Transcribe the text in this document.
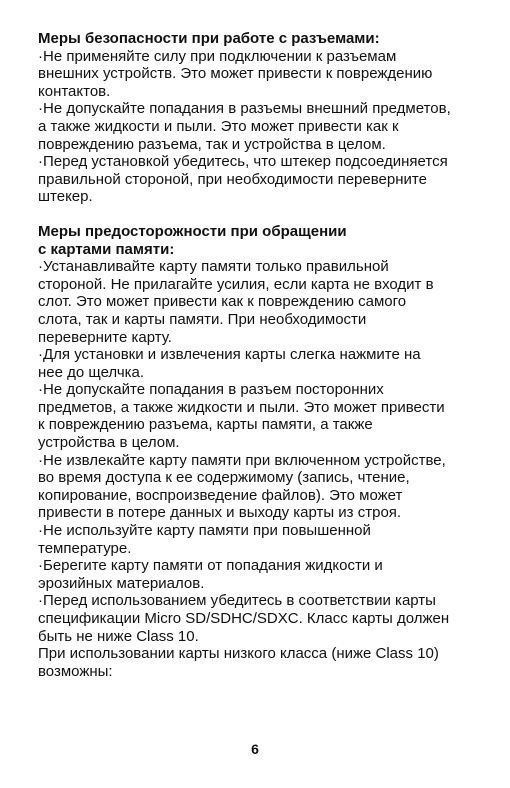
Меры безопасности при работе с разъемами:

·Не применяйте силу при подключении к разъемам

внешних устройств. Это может привести к повреждению

контактов.

·Не допускайте попадания в разъемы внешний предметов,

а также жидкости и пыли. Это может привести как к

повреждению разъема, так и устройства в целом.

·Перед установкой убедитесь, что штекер подсоединяется

правильной стороной, при необходимости переверните

штекер.

Меры предосторожности при обращении

с картами памяти:

·Устанавливайте карту памяти только правильной

стороной. Не прилагайте усилия, если карта не входит в

слот. Это может привести как к повреждению самого

слота, так и карты памяти. При необходимости

переверните карту.

·Для установки и извлечения карты слегка нажмите на

нее до щелчка.

·Не допускайте попадания в разъем посторонних

предметов, а также жидкости и пыли. Это может привести

к повреждению разъема, карты памяти, а также

устройства в целом.

·Не извлекайте карту памяти при включенном устройстве,

во время доступа к ее содержимому (запись, чтение,

копирование, воспроизведение файлов). Это может

привести в потере данных и выходу карты из строя.

·Не используйте карту памяти при повышенной

температуре.

·Берегите карту памяти от попадания жидкости и

эрозийных материалов.

·Перед использованием убедитесь в соответствии карты

спецификации Micro SD/SDHC/SDXC. Класс карты должен

быть не ниже Class 10.

При использовании карты низкого класса (ниже Class 10)

возможны:

6
